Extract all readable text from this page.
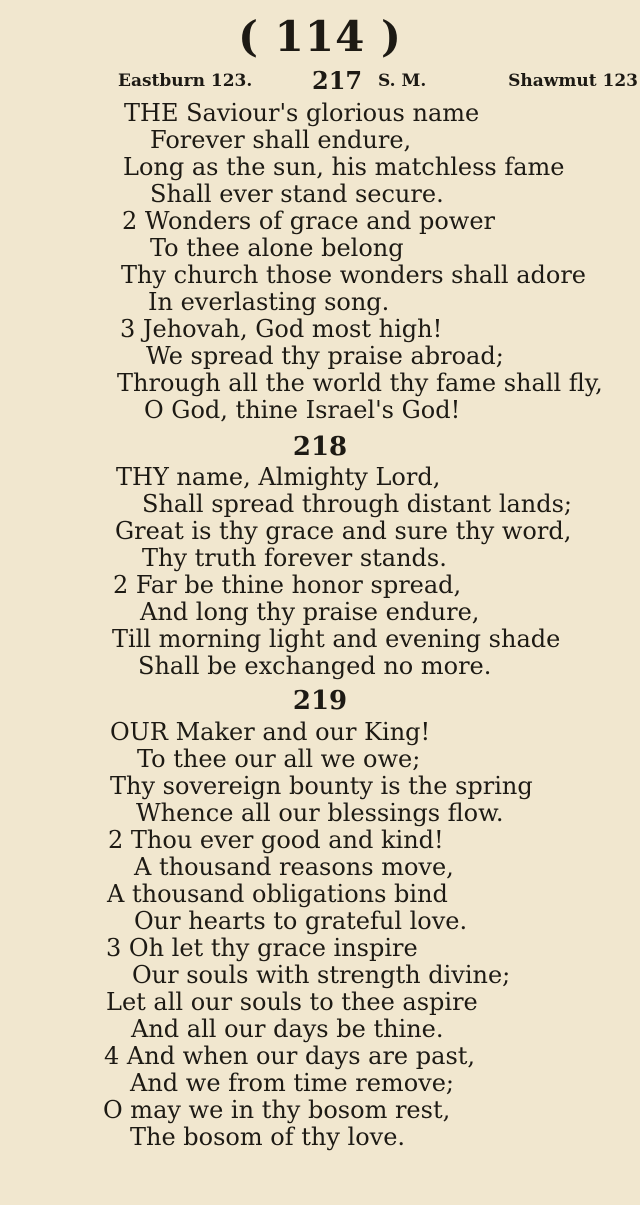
( 114 )
Eastburn 123. 217 S. M.	Shawmut 123
THE Saviour's glorious name
Forever shall endure,
Long as the sun, his matchless fame
Shall ever stand secure.
2 Wonders of grace and power
To thee alone belong
Thy church those wonders shall adore
In everlasting song.
3 Jehovah, God most high!
We spread thy praise abroad;
Through all the world thy fame shall fly,
O God, thine Israel's God!
218
THY name, Almighty Lord,
Shall spread through distant lands;
Great is thy grace and sure thy word,
Thy truth forever stands.
2 Far be thine honor spread,
And long thy praise endure,
Till morning light and evening shade
Shall be exchanged no more.
219
OUR Maker and our King!
To thee our all we owe;
Thy sovereign bounty is the spring
Whence all our blessings flow.
2 Thou ever good and kind!
A thousand reasons move,
A thousand obligations bind
Our hearts to grateful love.
3 Oh let thy grace inspire
Our souls with strength divine;
Let all our souls to thee aspire
And all our days be thine.
4 And when our days are past,
And we from time remove;
O may we in thy bosom rest,
The bosom of thy love.
